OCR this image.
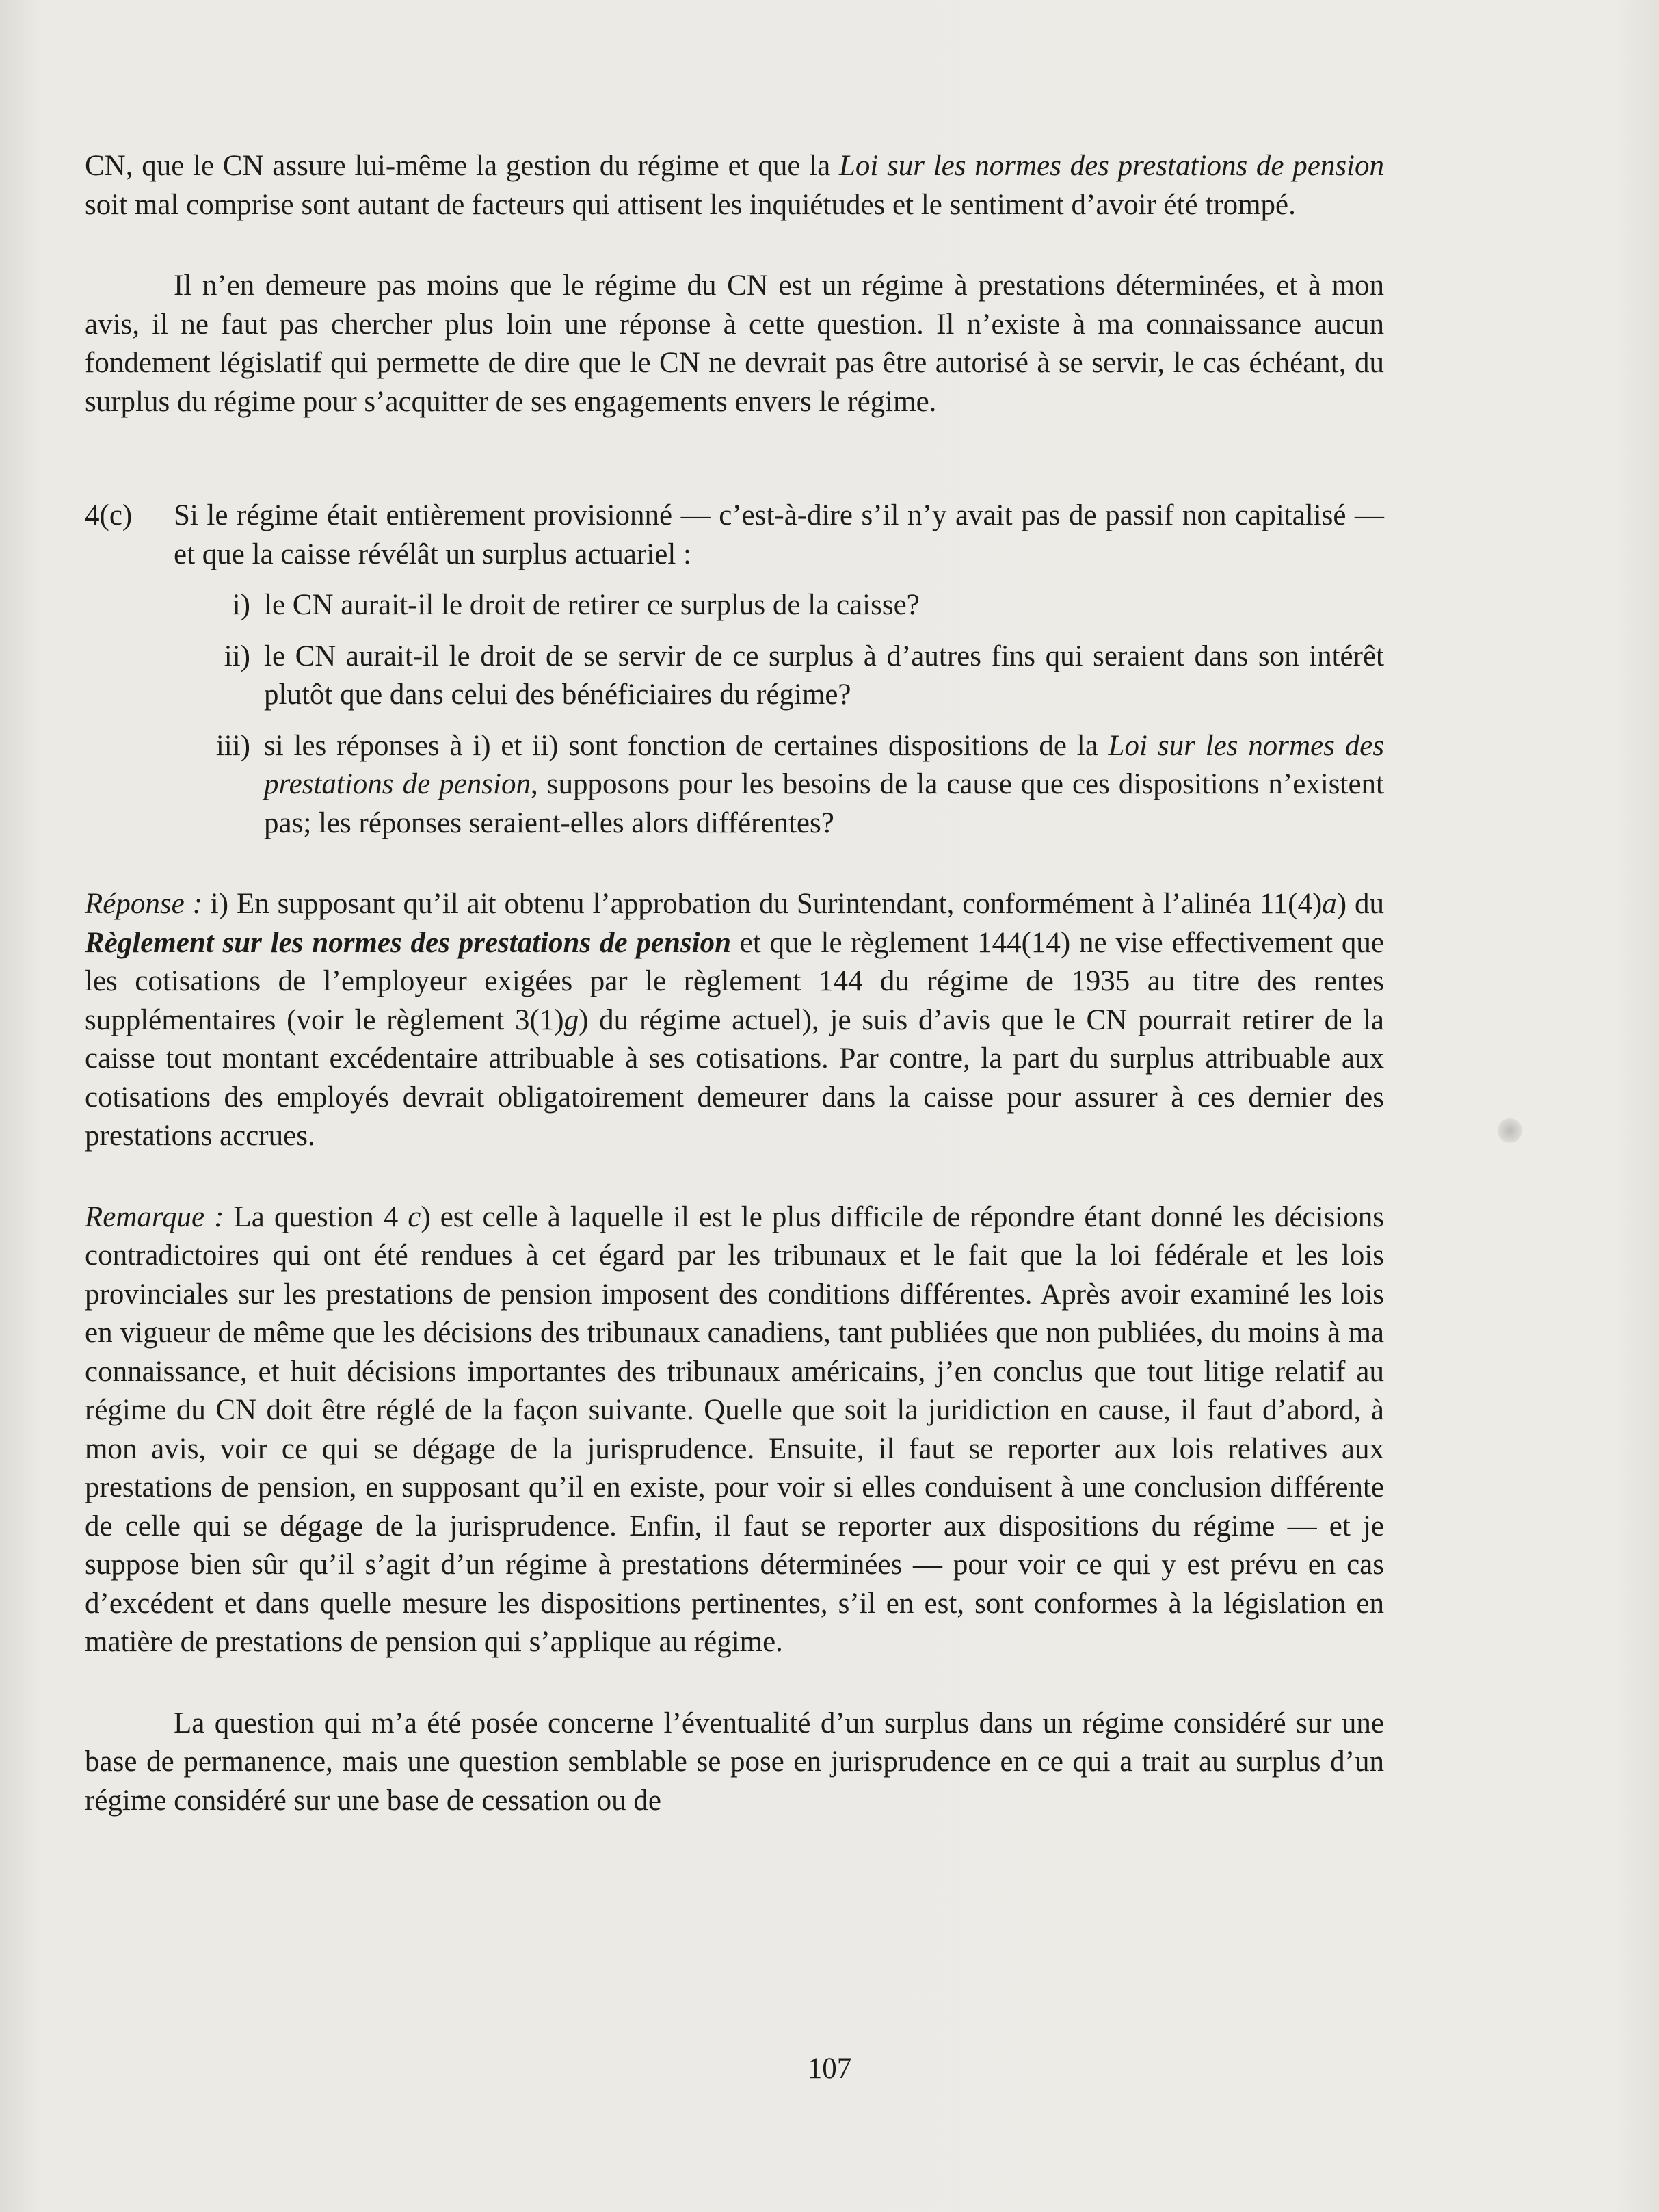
CN, que le CN assure lui-même la gestion du régime et que la Loi sur les normes des prestations de pension soit mal comprise sont autant de facteurs qui attisent les inquiétudes et le sentiment d’avoir été trompé.

Il n’en demeure pas moins que le régime du CN est un régime à prestations déterminées, et à mon avis, il ne faut pas chercher plus loin une réponse à cette question. Il n’existe à ma connaissance aucun fondement législatif qui permette de dire que le CN ne devrait pas être autorisé à se servir, le cas échéant, du surplus du régime pour s’acquitter de ses engagements envers le régime.

4(c)	Si le régime était entièrement provisionné — c’est-à-dire s’il n’y avait pas de passif non capitalisé — et que la caisse révélât un surplus actuariel :
i) le CN aurait-il le droit de retirer ce surplus de la caisse?
ii) le CN aurait-il le droit de se servir de ce surplus à d’autres fins qui seraient dans son intérêt plutôt que dans celui des bénéficiaires du régime?
iii) si les réponses à i) et ii) sont fonction de certaines dispositions de la Loi sur les normes des prestations de pension, supposons pour les besoins de la cause que ces dispositions n’existent pas; les réponses seraient-elles alors différentes?

Réponse : i) En supposant qu’il ait obtenu l’approbation du Surintendant, conformément à l’alinéa 11(4)a) du Règlement sur les normes des prestations de pension et que le règlement 144(14) ne vise effectivement que les cotisations de l’employeur exigées par le règlement 144 du régime de 1935 au titre des rentes supplémentaires (voir le règlement 3(1)g) du régime actuel), je suis d’avis que le CN pourrait retirer de la caisse tout montant excédentaire attribuable à ses cotisations. Par contre, la part du surplus attribuable aux cotisations des employés devrait obligatoirement demeurer dans la caisse pour assurer à ces dernier des prestations accrues.

Remarque : La question 4 c) est celle à laquelle il est le plus difficile de répondre étant donné les décisions contradictoires qui ont été rendues à cet égard par les tribunaux et le fait que la loi fédérale et les lois provinciales sur les prestations de pension imposent des conditions différentes. Après avoir examiné les lois en vigueur de même que les décisions des tribunaux canadiens, tant publiées que non publiées, du moins à ma connaissance, et huit décisions importantes des tribunaux américains, j’en conclus que tout litige relatif au régime du CN doit être réglé de la façon suivante. Quelle que soit la juridiction en cause, il faut d’abord, à mon avis, voir ce qui se dégage de la jurisprudence. Ensuite, il faut se reporter aux lois relatives aux prestations de pension, en supposant qu’il en existe, pour voir si elles conduisent à une conclusion différente de celle qui se dégage de la jurisprudence. Enfin, il faut se reporter aux dispositions du régime — et je suppose bien sûr qu’il s’agit d’un régime à prestations déterminées — pour voir ce qui y est prévu en cas d’excédent et dans quelle mesure les dispositions pertinentes, s’il en est, sont conformes à la législation en matière de prestations de pension qui s’applique au régime.

La question qui m’a été posée concerne l’éventualité d’un surplus dans un régime considéré sur une base de permanence, mais une question semblable se pose en jurisprudence en ce qui a trait au surplus d’un régime considéré sur une base de cessation ou de

107
